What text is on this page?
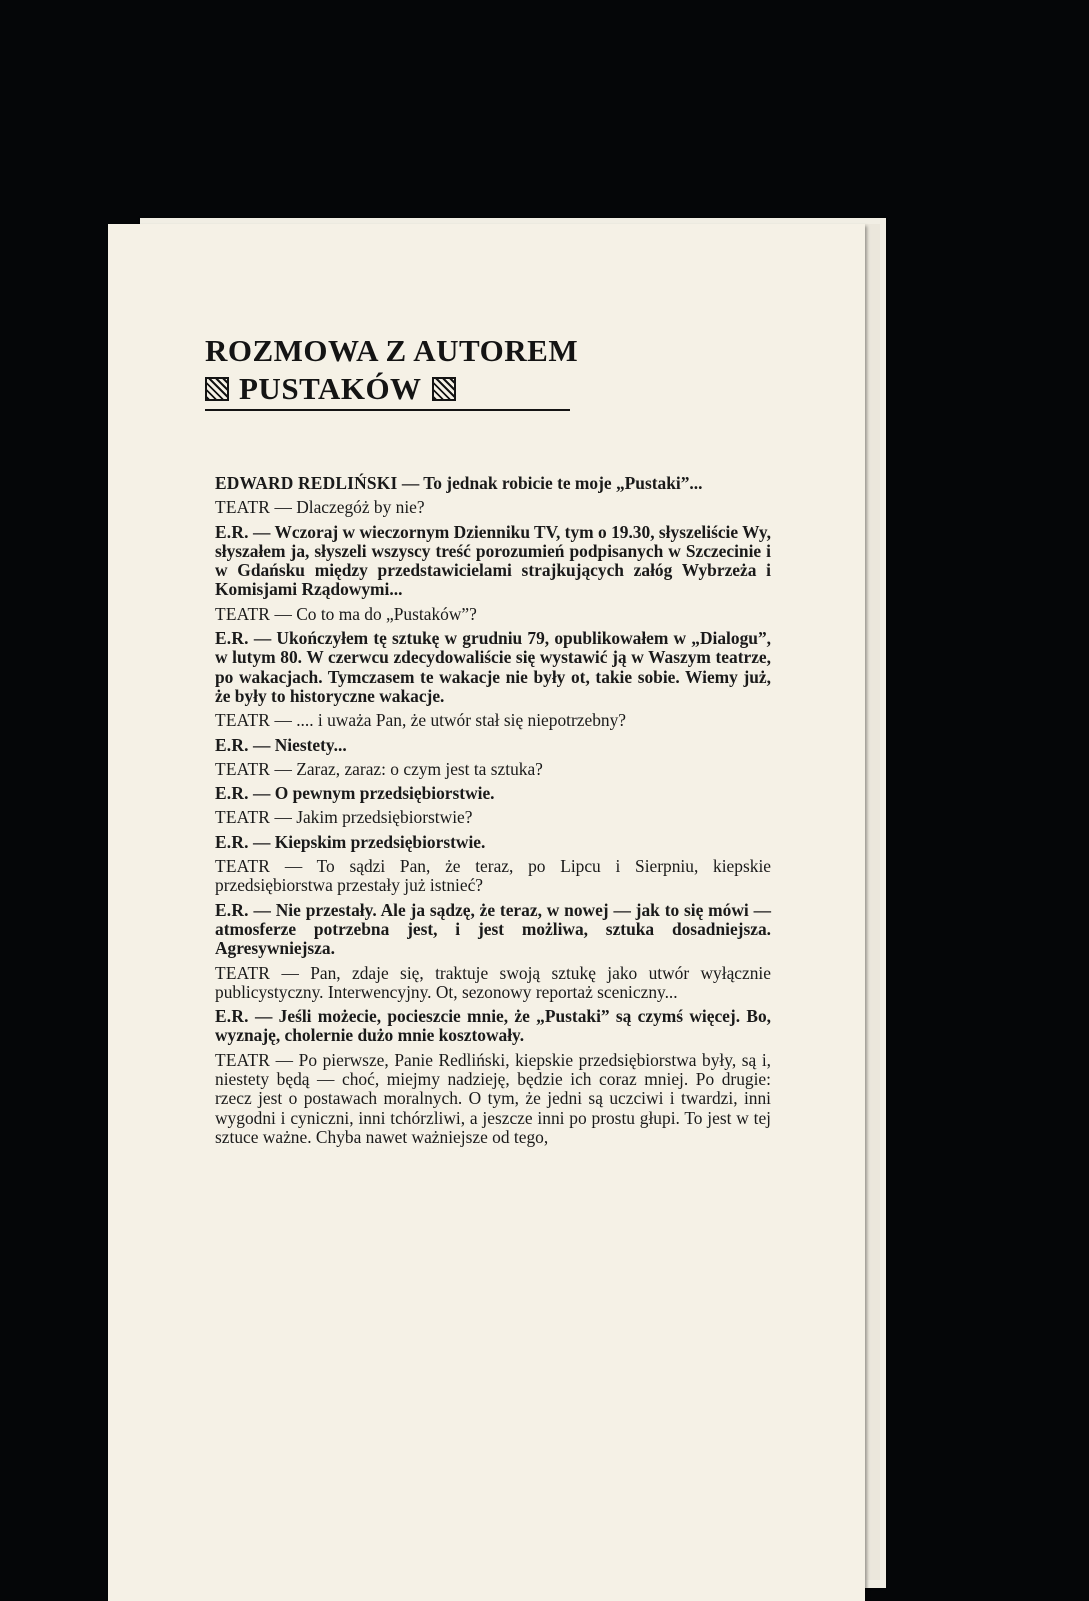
ROZMOWA Z AUTOREM
PUSTAKÓW

EDWARD REDLIŃSKI — To jednak robicie te moje „Pustaki”...

TEATR — Dlaczegóż by nie?

E.R. — Wczoraj w wieczornym Dzienniku TV, tym o 19.30, słyszeliście Wy, słyszałem ja, słyszeli wszyscy treść porozumień podpisanych w Szczecinie i w Gdańsku między przedstawicielami strajkujących załóg Wybrzeża i Komisjami Rządowymi...

TEATR — Co to ma do „Pustaków”?

E.R. — Ukończyłem tę sztukę w grudniu 79, opublikowałem w „Dialogu”, w lutym 80. W czerwcu zdecydowaliście się wystawić ją w Waszym teatrze, po wakacjach. Tymczasem te wakacje nie były ot, takie sobie. Wiemy już, że były to historyczne wakacje.

TEATR — .... i uważa Pan, że utwór stał się niepotrzebny?

E.R. — Niestety...

TEATR — Zaraz, zaraz: o czym jest ta sztuka?

E.R. — O pewnym przedsiębiorstwie.

TEATR — Jakim przedsiębiorstwie?

E.R. — Kiepskim przedsiębiorstwie.

TEATR — To sądzi Pan, że teraz, po Lipcu i Sierpniu, kiepskie przedsiębiorstwa przestały już istnieć?

E.R. — Nie przestały. Ale ja sądzę, że teraz, w nowej — jak to się mówi — atmosferze potrzebna jest, i jest możliwa, sztuka dosadniejsza. Agresywniejsza.

TEATR — Pan, zdaje się, traktuje swoją sztukę jako utwór wyłącznie publicystyczny. Interwencyjny. Ot, sezonowy reportaż sceniczny...

E.R. — Jeśli możecie, pocieszcie mnie, że „Pustaki” są czymś więcej. Bo, wyznaję, cholernie dużo mnie kosztowały.

TEATR — Po pierwsze, Panie Redliński, kiepskie przedsiębiorstwa były, są i, niestety będą — choć, miejmy nadzieję, będzie ich coraz mniej. Po drugie: rzecz jest o postawach moralnych. O tym, że jedni są uczciwi i twardzi, inni wygodni i cyniczni, inni tchórzliwi, a jeszcze inni po prostu głupi. To jest w tej sztuce ważne. Chyba nawet ważniejsze od tego,
